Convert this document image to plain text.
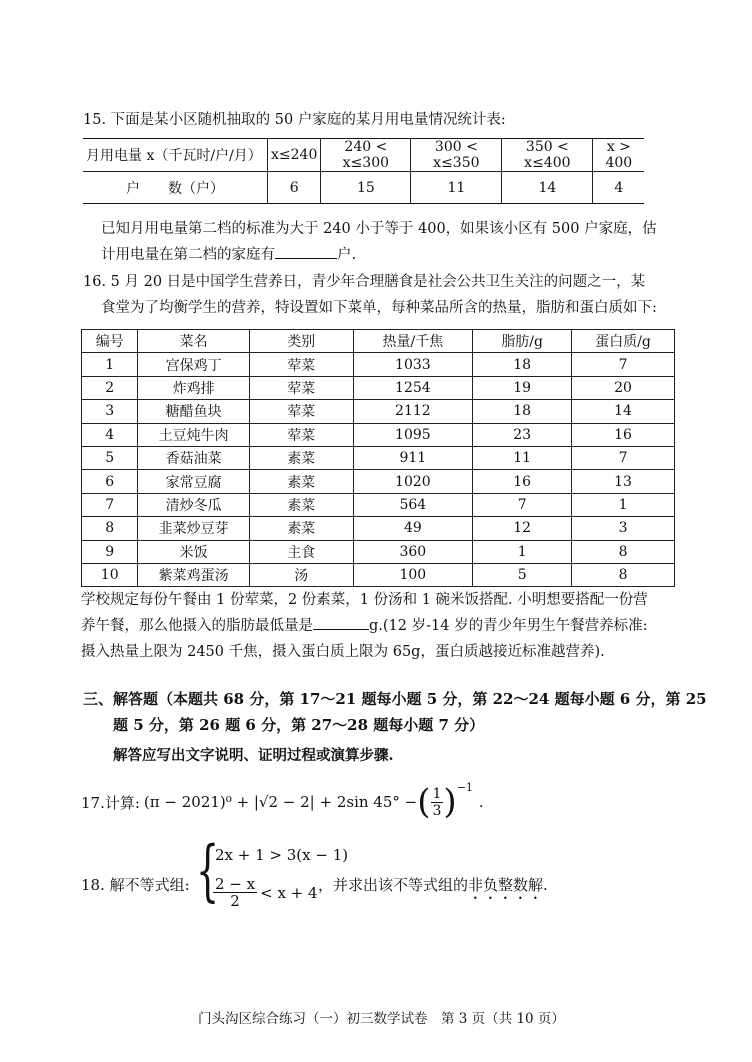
15. 下面是某小区随机抽取的 50 户家庭的某月用电量情况统计表:
月用电量 x（千瓦时/户/月）	x≤240	240 < x≤300	300 < x≤350	350 < x≤400	x > 400
户　　数（户）	6	15	11	14	4
已知月用电量第二档的标准为大于 240 小于等于 400，如果该小区有 500 户家庭，估
计用电量在第二档的家庭有	户.
16. 5 月 20 日是中国学生营养日，青少年合理膳食是社会公共卫生关注的问题之一，某
食堂为了均衡学生的营养，特设置如下菜单，每种菜品所含的热量，脂肪和蛋白质如下:
编号	菜名	类别	热量/千焦	脂肪/g	蛋白质/g
1	宫保鸡丁	荤菜	1033	18	7
2	炸鸡排	荤菜	1254	19	20
3	糖醋鱼块	荤菜	2112	18	14
4	土豆炖牛肉	荤菜	1095	23	16
5	香菇油菜	素菜	911	11	7
6	家常豆腐	素菜	1020	16	13
7	清炒冬瓜	素菜	564	7	1
8	韭菜炒豆芽	素菜	49	12	3
9	米饭	主食	360	1	8
10	紫菜鸡蛋汤	汤	100	5	8
学校规定每份午餐由 1 份荤菜，2 份素菜，1 份汤和 1 碗米饭搭配. 小明想要搭配一份营
养午餐，那么他摄入的脂肪最低量是	g.(12 岁-14 岁的青少年男生午餐营养标准:
摄入热量上限为 2450 千焦，摄入蛋白质上限为 65g，蛋白质越接近标准越营养).
三、解答题（本题共 68 分，第 17～21 题每小题 5 分，第 22～24 题每小题 6 分，第 25
题 5 分，第 26 题 6 分，第 27～28 题每小题 7 分）
解答应写出文字说明、证明过程或演算步骤.
17.计算: (π − 2021)⁰ + |√2 − 2| + 2sin 45° − ( $\frac{1}{3}$ ) −1
.
18. 解不等式组: {
2x + 1 > 3(x − 1)
$\frac{2 - x}{2} < x + 4$ ，并求出该不等式组的非负整数解.
门头沟区综合练习（一）初三数学试卷　第 3 页（共 10 页）
